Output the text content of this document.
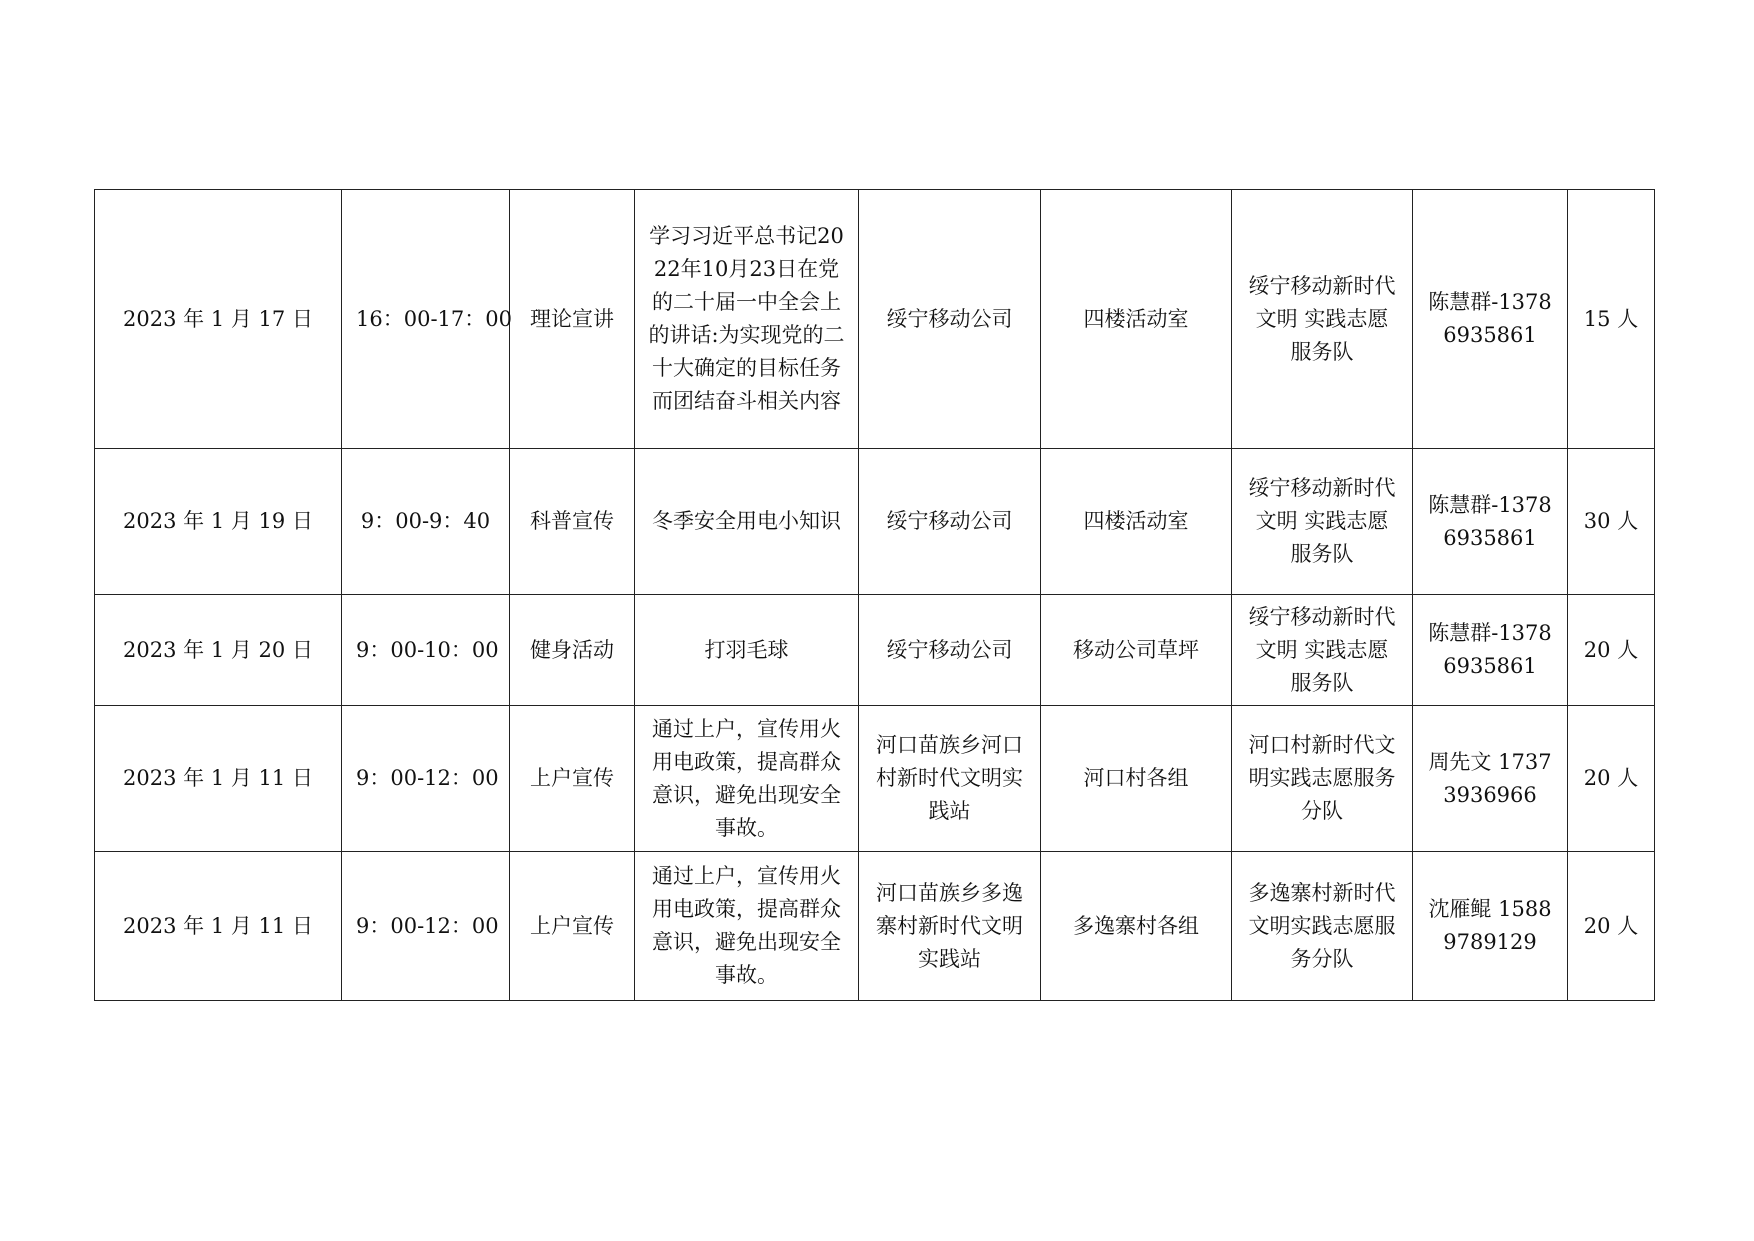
2023 年 1 月 17 日	16：00-17：00	理论宣讲	学习习近平总书记2022年10月23日在党的二十届一中全会上的讲话:为实现党的二十大确定的目标任务而团结奋斗相关内容	绥宁移动公司	四楼活动室	绥宁移动新时代文明 实践志愿服务队	陈慧群-13786935861	15 人
2023 年 1 月 19 日	9：00-9：40	科普宣传	冬季安全用电小知识	绥宁移动公司	四楼活动室	绥宁移动新时代文明 实践志愿服务队	陈慧群-13786935861	30 人
2023 年 1 月 20 日	9：00-10：00	健身活动	打羽毛球	绥宁移动公司	移动公司草坪	绥宁移动新时代文明 实践志愿服务队	陈慧群-13786935861	20 人
2023 年 1 月 11 日	9：00-12：00	上户宣传	通过上户，宣传用火用电政策，提高群众意识，避免出现安全事故。	河口苗族乡河口村新时代文明实践站	河口村各组	河口村新时代文明实践志愿服务分队	周先文 17373936966	20 人
2023 年 1 月 11 日	9：00-12：00	上户宣传	通过上户，宣传用火用电政策，提高群众意识，避免出现安全事故。	河口苗族乡多逸寨村新时代文明实践站	多逸寨村各组	多逸寨村新时代文明实践志愿服务分队	沈雁鲲 15889789129	20 人
